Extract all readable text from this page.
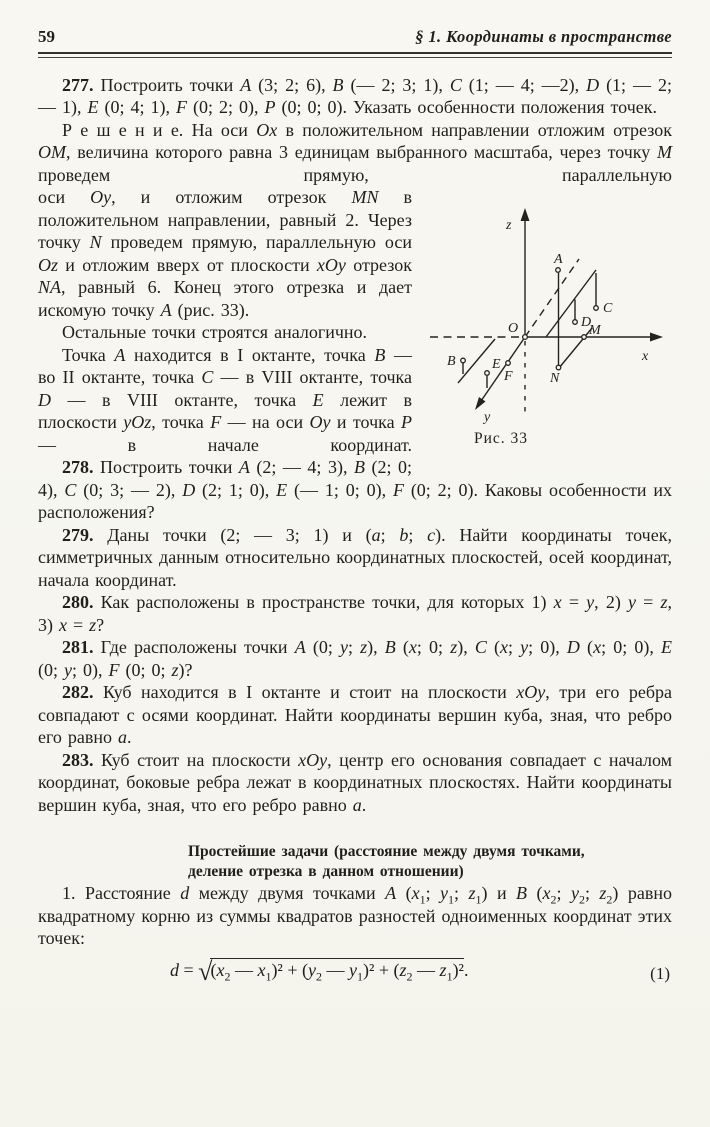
59	§ 1. Координаты в пространстве

277. Построить точки A (3; 2; 6), B (— 2; 3; 1), C (1; — 4; —2), D (1; — 2; — 1), E (0; 4; 1), F (0; 2; 0), P (0; 0; 0). Указать особенности положения точек.

Р е ш е н и е. На оси Ox в положительном направлении отложим отрезок OM, величина которого равна 3 единицам выбранного масштаба, через точку M проведем прямую, параллельную

z
x
y
O
A
B
C
D
E
F
M
N
Рис. 33

оси Oy, и отложим отрезок MN в положительном направлении, равный 2. Через точку N проведем прямую, параллельную оси Oz и отложим вверх от плоскости xOy отрезок NA, равный 6. Конец этого отрезка и дает искомую точку A (рис. 33).

Остальные точки строятся аналогично.

Точка A находится в I октанте, точка B — во II октанте, точка C — в VIII октанте, точка D — в VIII октанте, точка E лежит в плоскости yOz, точка F — на оси Oy и точка P — в начале координат.

278. Построить точки A (2; — 4; 3), B (2; 0; 4), C (0; 3; — 2), D (2; 1; 0), E (— 1; 0; 0), F (0; 2; 0). Каковы особенности их расположения?

279. Даны точки (2; — 3; 1) и (a; b; c). Найти координаты точек, симметричных данным относительно координатных плоскостей, осей координат, начала координат.

280. Как расположены в пространстве точки, для которых 1) x = y, 2) y = z, 3) x = z?

281. Где расположены точки A (0; y; z), B (x; 0; z), C (x; y; 0), D (x; 0; 0), E (0; y; 0), F (0; 0; z)?

282. Куб находится в I октанте и стоит на плоскости xOy, три его ребра совпадают с осями координат. Найти координаты вершин куба, зная, что ребро его равно a.

283. Куб стоит на плоскости xOy, центр его основания совпадает с началом координат, боковые ребра лежат в координатных плоскостях. Найти координаты вершин куба, зная, что его ребро равно a.

Простейшие задачи (расстояние между двумя точками,
деление отрезка в данном отношении)

1. Расстояние d между двумя точками A ($x_1$; $y_1$; $z_1$) и B ($x_2$; $y_2$; $z_2$) равно квадратному корню из суммы квадратов разностей одноименных координат этих точек:

$d = √(x_2$ — $x_1)^2 + (y_2$ — $y_1)^2 + (z_2$ — $z_1)^2$.	(1)
